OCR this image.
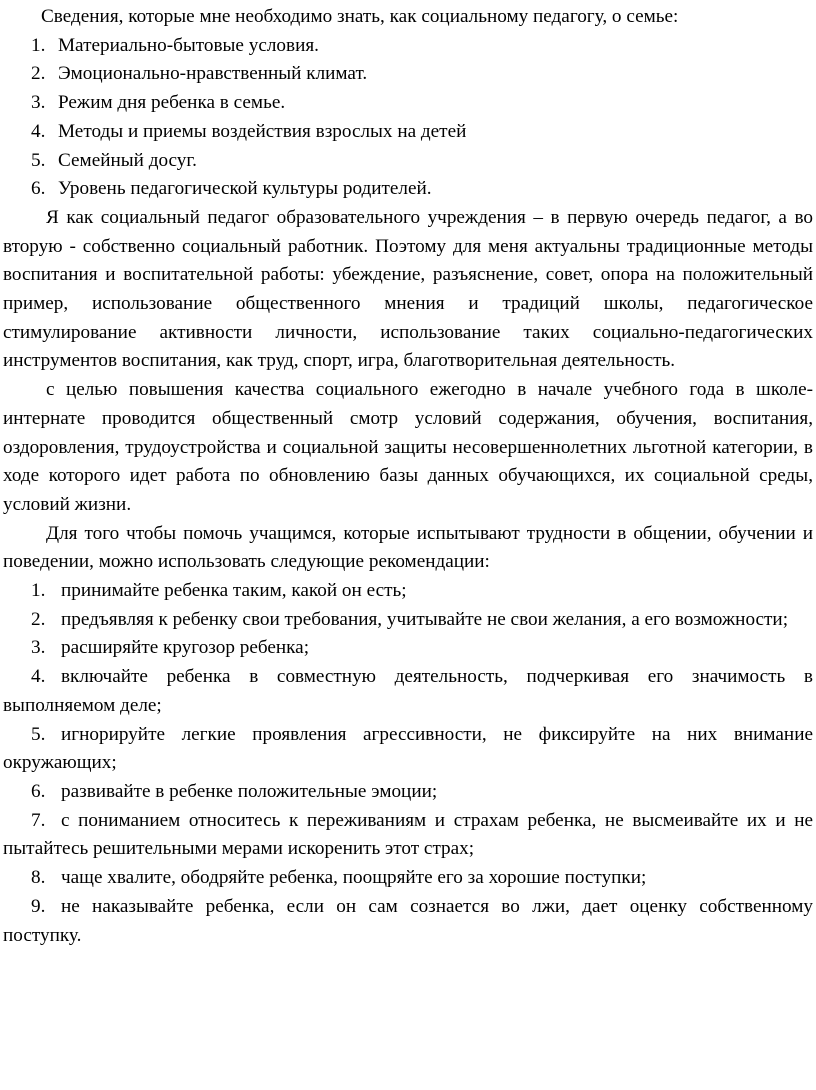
Сведения, которые мне необходимо знать, как социальному педагогу, о семье:
1. Материально-бытовые условия.
2. Эмоционально-нравственный климат.
3. Режим дня ребенка в семье.
4. Методы и приемы воздействия взрослых на детей
5. Семейный досуг.
6. Уровень педагогической культуры родителей.

Я как социальный педагог образовательного учреждения – в первую очередь педагог, а во вторую - собственно социальный работник. Поэтому для меня актуальны традиционные методы воспитания и воспитательной работы: убеждение, разъяснение, совет, опора на положительный пример, использование общественного мнения и традиций школы, педагогическое стимулирование активности личности, использование таких социально-педагогических инструментов воспитания, как труд, спорт, игра, благотворительная деятельность.

с целью повышения качества социального ежегодно в начале учебного года в школе-интернате проводится общественный смотр условий содержания, обучения, воспитания, оздоровления, трудоустройства и социальной защиты несовершеннолетних льготной категории, в ходе которого идет работа по обновлению базы данных обучающихся, их социальной среды, условий жизни.

Для того чтобы помочь учащимся, которые испытывают трудности в общении, обучении и поведении, можно использовать следующие рекомендации:

1. принимайте ребенка таким, какой он есть;

2. предъявляя к ребенку свои требования, учитывайте не свои желания, а его возможности;

3. расширяйте кругозор ребенка;

4. включайте ребенка в совместную деятельность, подчеркивая его значимость в выполняемом деле;

5. игнорируйте легкие проявления агрессивности, не фиксируйте на них внимание окружающих;

6. развивайте в ребенке положительные эмоции;

7. с пониманием относитесь к переживаниям и страхам ребенка, не высмеивайте их и не пытайтесь решительными мерами искоренить этот страх;

8. чаще хвалите, ободряйте ребенка, поощряйте его за хорошие поступки;

9. не наказывайте ребенка, если он сам сознается во лжи, дает оценку собственному поступку.
